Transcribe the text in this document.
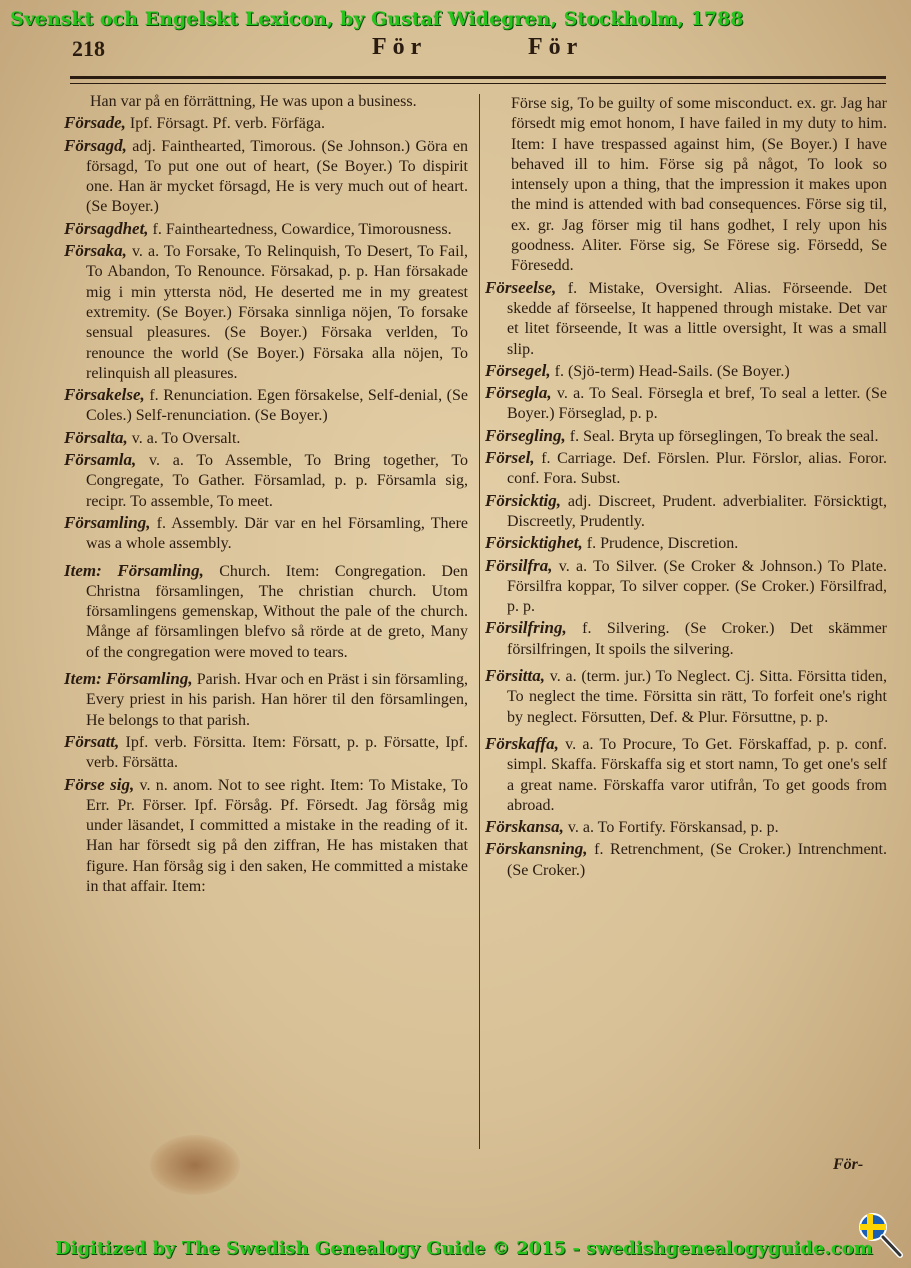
Svenskt och Engelskt Lexicon, by Gustaf Widegren, Stockholm, 1788
218	För	För
Han var på en förrättning, He was upon a business.
Försade, Ipf. Försagt. Pf. verb. Förfäga.
Försagd, adj. Fainthearted, Timorous. (Se Johnson.) Göra en försagd, To put one out of heart, (Se Boyer.) To dispirit one. Han är mycket försagd, He is very much out of heart. (Se Boyer.)
Försagdhet, f. Faintheartedness, Cowardice, Timorousness.
Försaka, v. a. To Forsake, To Relinquish, To Desert, To Fail, To Abandon, To Renounce. Försakad, p. p. Han försakade mig i min yttersta nöd, He deserted me in my greatest extremity. (Se Boyer.) Försaka sinnliga nöjen, To forsake sensual pleasures. (Se Boyer.) Försaka verlden, To renounce the world (Se Boyer.) Försaka alla nöjen, To relinquish all pleasures.
Försakelse, f. Renunciation. Egen försakelse, Self-denial, (Se Coles.) Self-renunciation. (Se Boyer.)
Försalta, v. a. To Oversalt.
Församla, v. a. To Assemble, To Bring together, To Congregate, To Gather. Församlad, p. p. Församla sig, recipr. To assemble, To meet.
Församling, f. Assembly. Där var en hel Församling, There was a whole assembly.
Item: Församling, Church. Item: Congregation. Den Christna församlingen, The christian church. Utom församlingens gemenskap, Without the pale of the church. Månge af församlingen blefvo så rörde at de greto, Many of the congregation were moved to tears.
Item: Församling, Parish. Hvar och en Präst i sin församling, Every priest in his parish. Han hörer til den församlingen, He belongs to that parish.
Försatt, Ipf. verb. Försitta. Item: Försatt, p. p. Försatte, Ipf. verb. Försätta.
Förse sig, v. n. anom. Not to see right. Item: To Mistake, To Err. Pr. Förser. Ipf. Försåg. Pf. Försedt. Jag försåg mig under läsandet, I committed a mistake in the reading of it. Han har försedt sig på den ziffran, He has mistaken that figure. Han försåg sig i den saken, He committed a mistake in that affair. Item:
Förse sig, To be guilty of some misconduct. ex. gr. Jag har försedt mig emot honom, I have failed in my duty to him. Item: I have trespassed against him, (Se Boyer.) I have behaved ill to him. Förse sig på något, To look so intensely upon a thing, that the impression it makes upon the mind is attended with bad consequences. Förse sig til, ex. gr. Jag förser mig til hans godhet, I rely upon his goodness. Aliter. Förse sig, Se Förese sig. Försedd, Se Föresedd.
Förseelse, f. Mistake, Oversight. Alias. Förseende. Det skedde af förseelse, It happened through mistake. Det var et litet förseende, It was a little oversight, It was a small slip.
Försegel, f. (Sjö-term) Head-Sails. (Se Boyer.)
Försegla, v. a. To Seal. Försegla et bref, To seal a letter. (Se Boyer.) Förseglad, p. p.
Försegling, f. Seal. Bryta up förseglingen, To break the seal.
Försel, f. Carriage. Def. Förslen. Plur. Förslor, alias. Foror. conf. Fora. Subst.
Försicktig, adj. Discreet, Prudent. adverbialiter. Försicktigt, Discreetly, Prudently.
Försicktighet, f. Prudence, Discretion.
Försilfra, v. a. To Silver. (Se Croker & Johnson.) To Plate. Försilfra koppar, To silver copper. (Se Croker.) Försilfrad, p. p.
Försilfring, f. Silvering. (Se Croker.) Det skämmer försilfringen, It spoils the silvering.
Försitta, v. a. (term. jur.) To Neglect. Cj. Sitta. Försitta tiden, To neglect the time. Försitta sin rätt, To forfeit one's right by neglect. Försutten, Def. & Plur. Försuttne, p. p.
Förskaffa, v. a. To Procure, To Get. Förskaffad, p. p. conf. simpl. Skaffa. Förskaffa sig et stort namn, To get one's self a great name. Förskaffa varor utifrån, To get goods from abroad.
Förskansa, v. a. To Fortify. Förskansad, p. p.
Förskansning, f. Retrenchment, (Se Croker.) Intrenchment. (Se Croker.)
För-
Digitized by The Swedish Genealogy Guide © 2015 - swedishgenealogyguide.com
